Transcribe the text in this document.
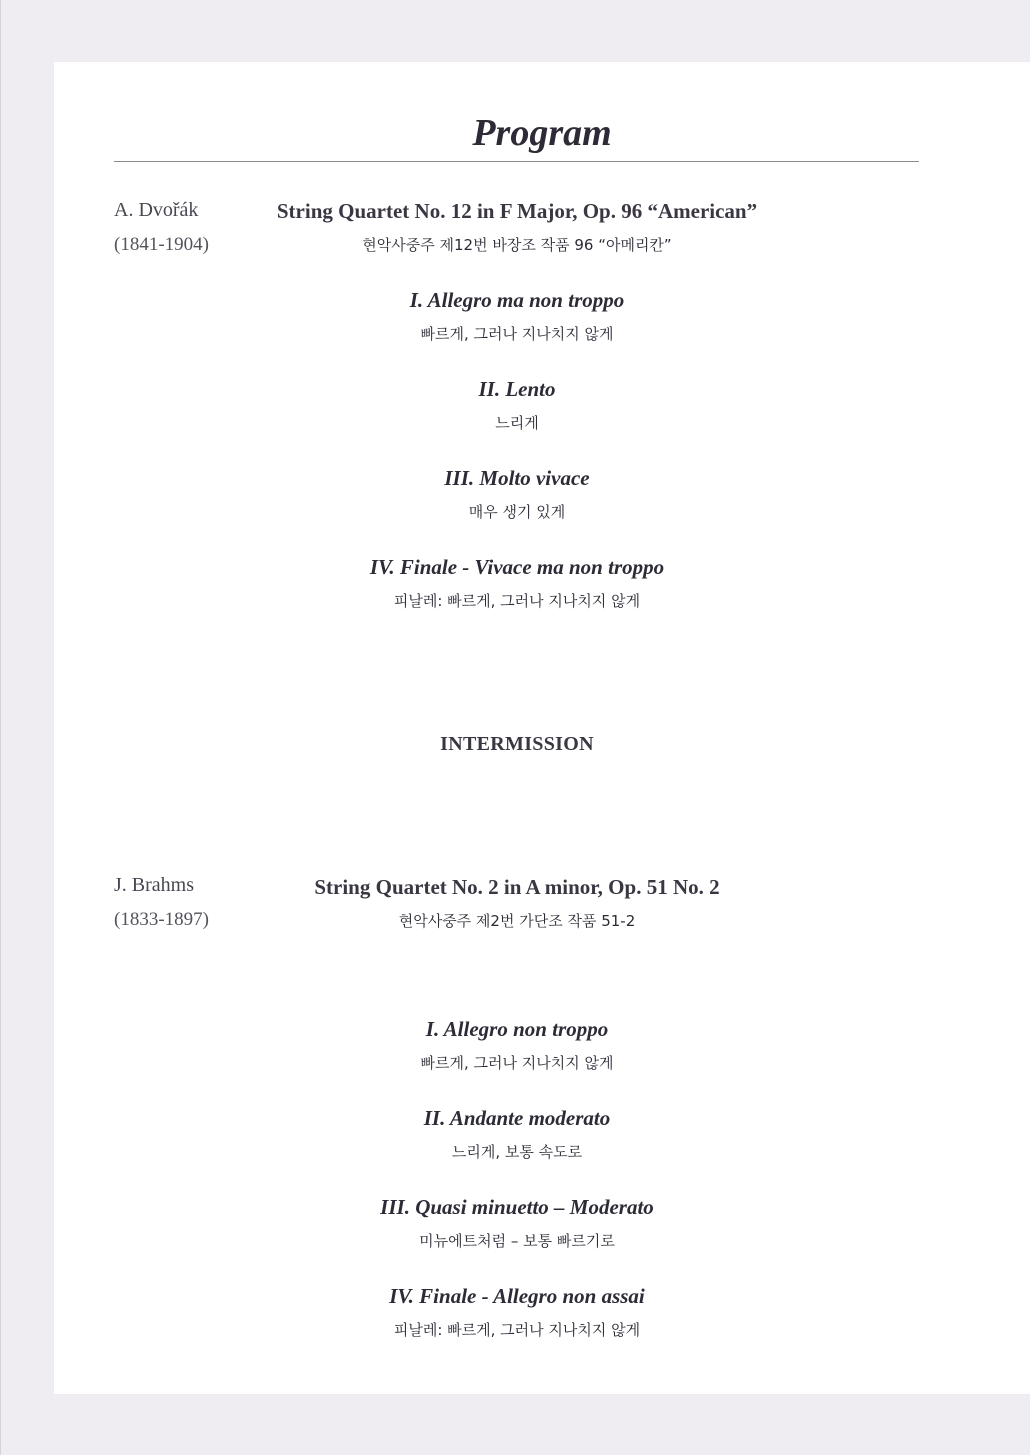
Program
A. Dvořák
(1841-1904)
String Quartet No. 12 in F Major, Op. 96 “American”
현악사중주 제12번 바장조 작품 96 “아메리칸”
I. Allegro ma non troppo
빠르게, 그러나 지나치지 않게
II. Lento
느리게
III. Molto vivace
매우 생기 있게
IV. Finale - Vivace ma non troppo
피날레: 빠르게, 그러나 지나치지 않게
INTERMISSION
J. Brahms
(1833-1897)
String Quartet No. 2 in A minor, Op. 51 No. 2
현악사중주 제2번 가단조 작품 51-2
I. Allegro non troppo
빠르게, 그러나 지나치지 않게
II. Andante moderato
느리게, 보통 속도로
III. Quasi minuetto – Moderato
미뉴에트처럼 – 보통 빠르기로
IV. Finale - Allegro non assai
피날레: 빠르게, 그러나 지나치지 않게
